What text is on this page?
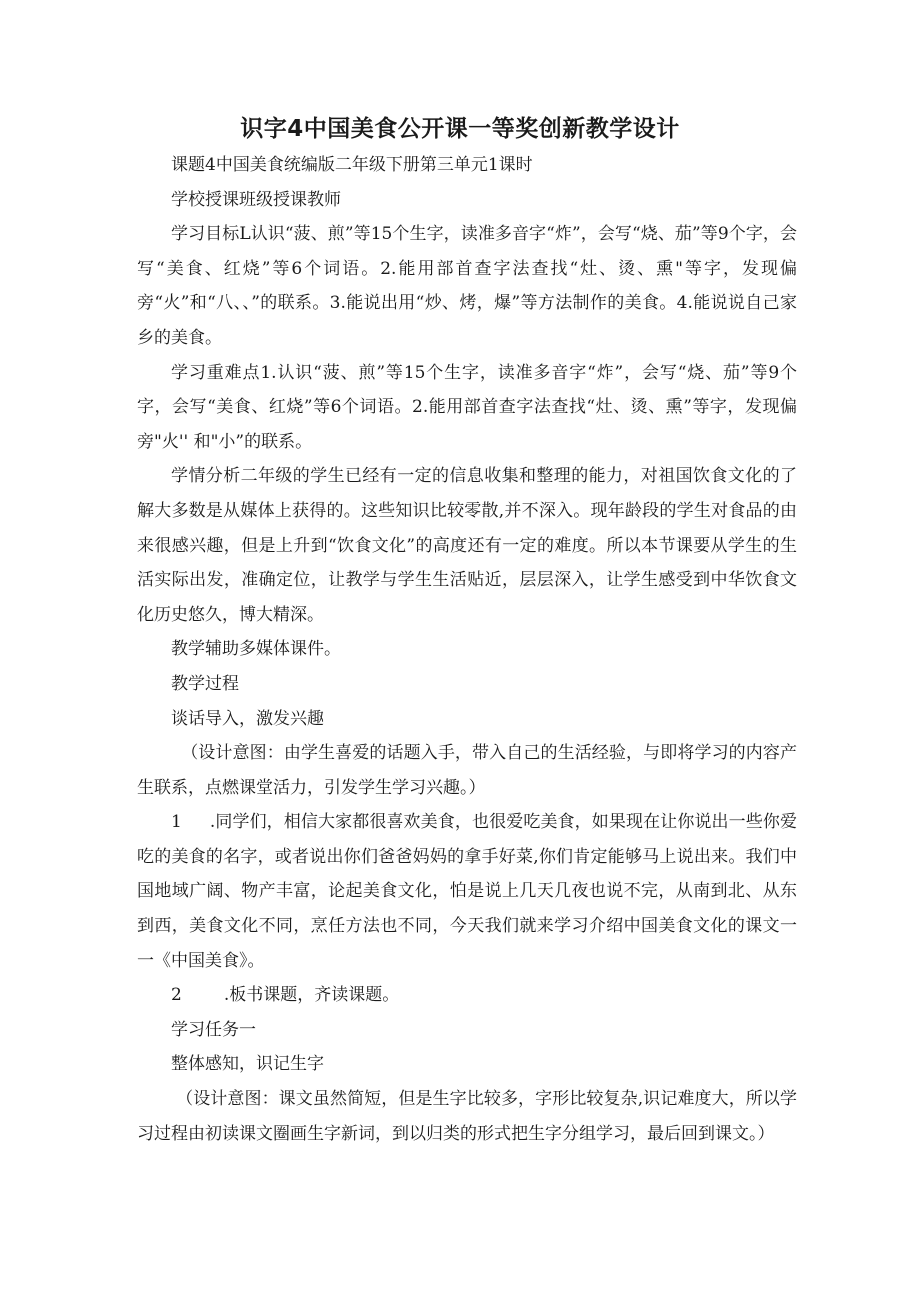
识字4中国美食公开课一等奖创新教学设计

课题4中国美食统编版二年级下册第三单元1课时

学校授课班级授课教师

学习目标L认识“菠、煎”等15个生字，读准多音字“炸”，会写“烧、茄”等9个字，会写“美食、红烧”等6个词语。2.能用部首查字法查找“灶、烫、熏"等字，发现偏旁“火”和“八、、”的联系。3.能说出用“炒、烤，爆”等方法制作的美食。4.能说说自己家乡的美食。

学习重难点1.认识“菠、煎”等15个生字，读准多音字“炸”，会写“烧、茄”等9个字，会写“美食、红烧”等6个词语。2.能用部首查字法查找“灶、烫、熏”等字，发现偏旁"火'' 和"小”的联系。

学情分析二年级的学生已经有一定的信息收集和整理的能力，对祖国饮食文化的了解大多数是从媒体上获得的。这些知识比较零散,并不深入。现年龄段的学生对食品的由来很感兴趣，但是上升到“饮食文化”的高度还有一定的难度。所以本节课要从学生的生活实际出发，准确定位，让教学与学生生活贴近，层层深入，让学生感受到中华饮食文化历史悠久，博大精深。

教学辅助多媒体课件。

教学过程

谈话导入，激发兴趣

（设计意图：由学生喜爱的话题入手，带入自己的生活经验，与即将学习的内容产生联系，点燃课堂活力，引发学生学习兴趣。）

1 .同学们，相信大家都很喜欢美食，也很爱吃美食，如果现在让你说出一些你爱吃的美食的名字，或者说出你们爸爸妈妈的拿手好菜,你们肯定能够马上说出来。我们中国地域广阔、物产丰富，论起美食文化，怕是说上几天几夜也说不完，从南到北、从东到西，美食文化不同，烹任方法也不同，今天我们就来学习介绍中国美食文化的课文一一《中国美食》。

2 .板书课题，齐读课题。

学习任务一

整体感知，识记生字

（设计意图：课文虽然简短，但是生字比较多，字形比较复杂,识记难度大，所以学习过程由初读课文圈画生字新词，到以归类的形式把生字分组学习，最后回到课文。）
